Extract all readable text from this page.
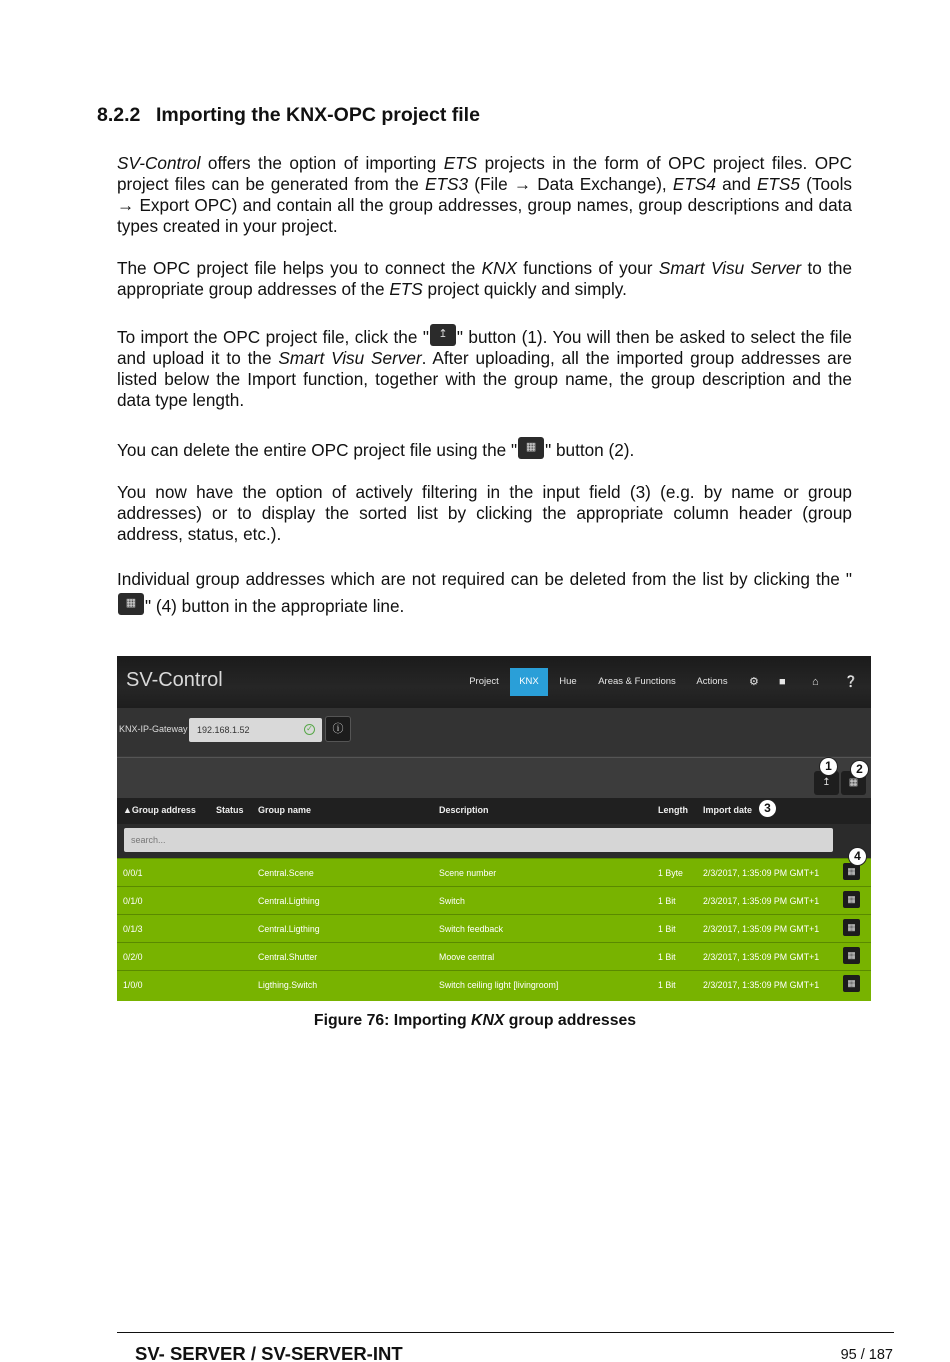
8.2.2 Importing the KNX-OPC project file

SV-Control offers the option of importing ETS projects in the form of OPC project files. OPC project files can be generated from the ETS3 (File → Data Exchange), ETS4 and ETS5 (Tools → Export OPC) and contain all the group addresses, group names, group descriptions and data types created in your project.

The OPC project file helps you to connect the KNX functions of your Smart Visu Server to the appropriate group addresses of the ETS project quickly and simply.

To import the OPC project file, click the " ↥ " button (1). You will then be asked to select the file and upload it to the Smart Visu Server. After uploading, all the imported group addresses are listed below the Import function, together with the group name, the group description and the data type length.

You can delete the entire OPC project file using the " ▦ " button (2).

You now have the option of actively filtering in the input field (3) (e.g. by name or group addresses) or to display the sorted list by clicking the appropriate column header (group address, status, etc.).

Individual group addresses which are not required can be deleted from the list by clicking the "
▦ " (4) button in the appropriate line.

SV-Control	Project	KNX	Hue	Areas & Functions	Actions	⚙ ■ ⌂ ❔
KNX-IP-Gateway	192.168.1.52	✓	ⓘ
↥	▦
1	2
▲Group address Status Group name	Description	Length Import date	3
search...
0/0/1	Central.Scene	Scene number	1 Byte 2/3/2017, 1:35:09 PM GMT+1	▦
0/1/0	Central.Ligthing	Switch	1 Bit	2/3/2017, 1:35:09 PM GMT+1	▦
0/1/3	Central.Ligthing	Switch feedback	1 Bit	2/3/2017, 1:35:09 PM GMT+1	▦
0/2/0	Central.Shutter	Moove central	1 Bit	2/3/2017, 1:35:09 PM GMT+1	▦
1/0/0	Ligthing.Switch	Switch ceiling light [livingroom]	1 Bit	2/3/2017, 1:35:09 PM GMT+1	▦
4
Figure 76: Importing KNX group addresses
SV- SERVER / SV-SERVER-INT	95 / 187
